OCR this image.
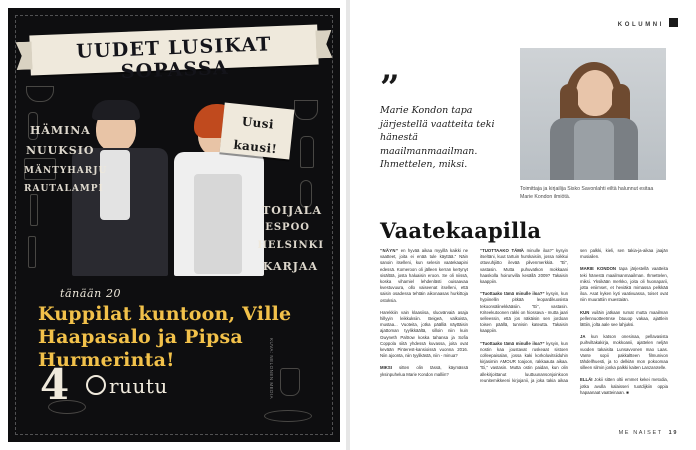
UUDET LUSIKAT SOPASSA
Uusi
kausi!
HÄMINA
NUUKSIO
MÄNTYHARJU
RAUTALAMPI
TOIJALA
ESPOO
HELSINKI
KARJAA
tänään 20
Kuppilat kuntoon, Ville Haapasalo ja Pipsa Hurmerinta!
4	ruutu	KUVA: NELONEN MEDIA
KOLUMNI
”
Marie Kondon tapa järjestellä vaatteita teki hänestä maailmanmaailman. Ihmettelen, miksi.
Toimittaja ja kirjailija Sisko Savonlahti eiltä halunnut esitaa Marie Kondon ilmiötä.
Vaatekaapilla

“NÄYN” en hyvää aikaa myyillä kaikki ne vaatteet, joita ei enää tule käyttää.” Näin sanoin itselleni, kun selesin vaatekaapini edessä. Komeroon oli jälleen kerran kertynyt sisältöä, josta haluaisin eroon. Se oli niissä, koska vihamiel lehdenlästi ouisaavaa kvestuvuura, ollo vaiseenat itselleni, että saisin osadessa tehtäin aikonaasas hurkittoja ostoksia.

Harekkiin vain klaasiisa, sluovärvaiä asaja hillyyin leikkuksiin. Beigeä, valkoista, mustaa... Vuoteita, jotka päälliä näyttäisin ajattoman tyylikkäältä, silloin niin kuin Gwyneth Paltrow koska tahansa ja Sofia Coppola siitä yhdessä kuvassa, joita ovat kevään Pinterest-kansioissä vuonna 2016. Niin ajoonta, niin tyylikästä, niin - minua?

MIKSI sitten olin tässä, käymässä yksinpuhelua Marie Kondon malliin?

“TUOTTAAKO TÄMÄ minulle iloa?” kysyin itseltäni, kuut tartuin hurskaisiin, jossa roikkui ottuvuhjiitto ilevää pilvenmerkkiä. “Ei”, vastasin. Mutta puhuvatkon mokkaani haaskolla hoirunvilla kesällä 2009? Takaisin kaappiin.

“Tuottaako tämä minulle iloa?” kysyin, kun hypiinellin pitkää leopardikuosista tekoonsälinekkääsiin. “Ei”, vastasin. Kriteekutoonen rakki on hiossava - mutta jaari selleessin, että jos näkäisin sen jordoan toisen päällä, tunnisin kateutta. Takaisin kaappiin.

“Tuottaako tämä minulle iloa?” kysyin, kun nostin kaa joustavat ruskeaat sistoen colleepaisalan, jossa kaki korkoluvitsiiduhin kirjasimin AMOUR toajoon, rakkaauta aikaa. “Ei,” vastasin. Mutta ostin paidan, kun olin allekirjoittanut luuttuunansonjoinkoon reunitemikkeeni kirjojanii, ja joka takia aikaa sen palkki, kieli, sen takia-ja-aikaa jaajän musiailen.

MARIE KONDON tapa järjestellä vaatteita teki hänestä maailmanmaailman. Ihmettelen, miksi. Yksikään merkko, joita oli huonaparii, jotta eniimset, et heviäkä mimassa pelkkää iloa. Asat kyken kyti vaativuassa, toiset ovat niin muurattiin muestaiän.

KUN vuiläin jatkaan rumat mutta maailman pellennuotteetmse btuuop vakaa, ajattlein lättiin, jolta aale see lahjuksi.

JA kun katson onesinaa, pellavasista puihviltakakirja, mokkoanii, ajattelen neljän vuoden takaisita Lunsavvonen mao Laas. Vante sopii pakkaltteen filmunivon tähdellhuesti, ja to delkiän mon pokoomaa silleen silmin jonka palkki kaiten Lanzarotelle.

ELLÄI Jokii sitten oltii emmet kekei metodia, jotka avulla kalaisseri tuotdijkiin oppia hapaanaat vaatteinaan. ■

ME NAISET 19
